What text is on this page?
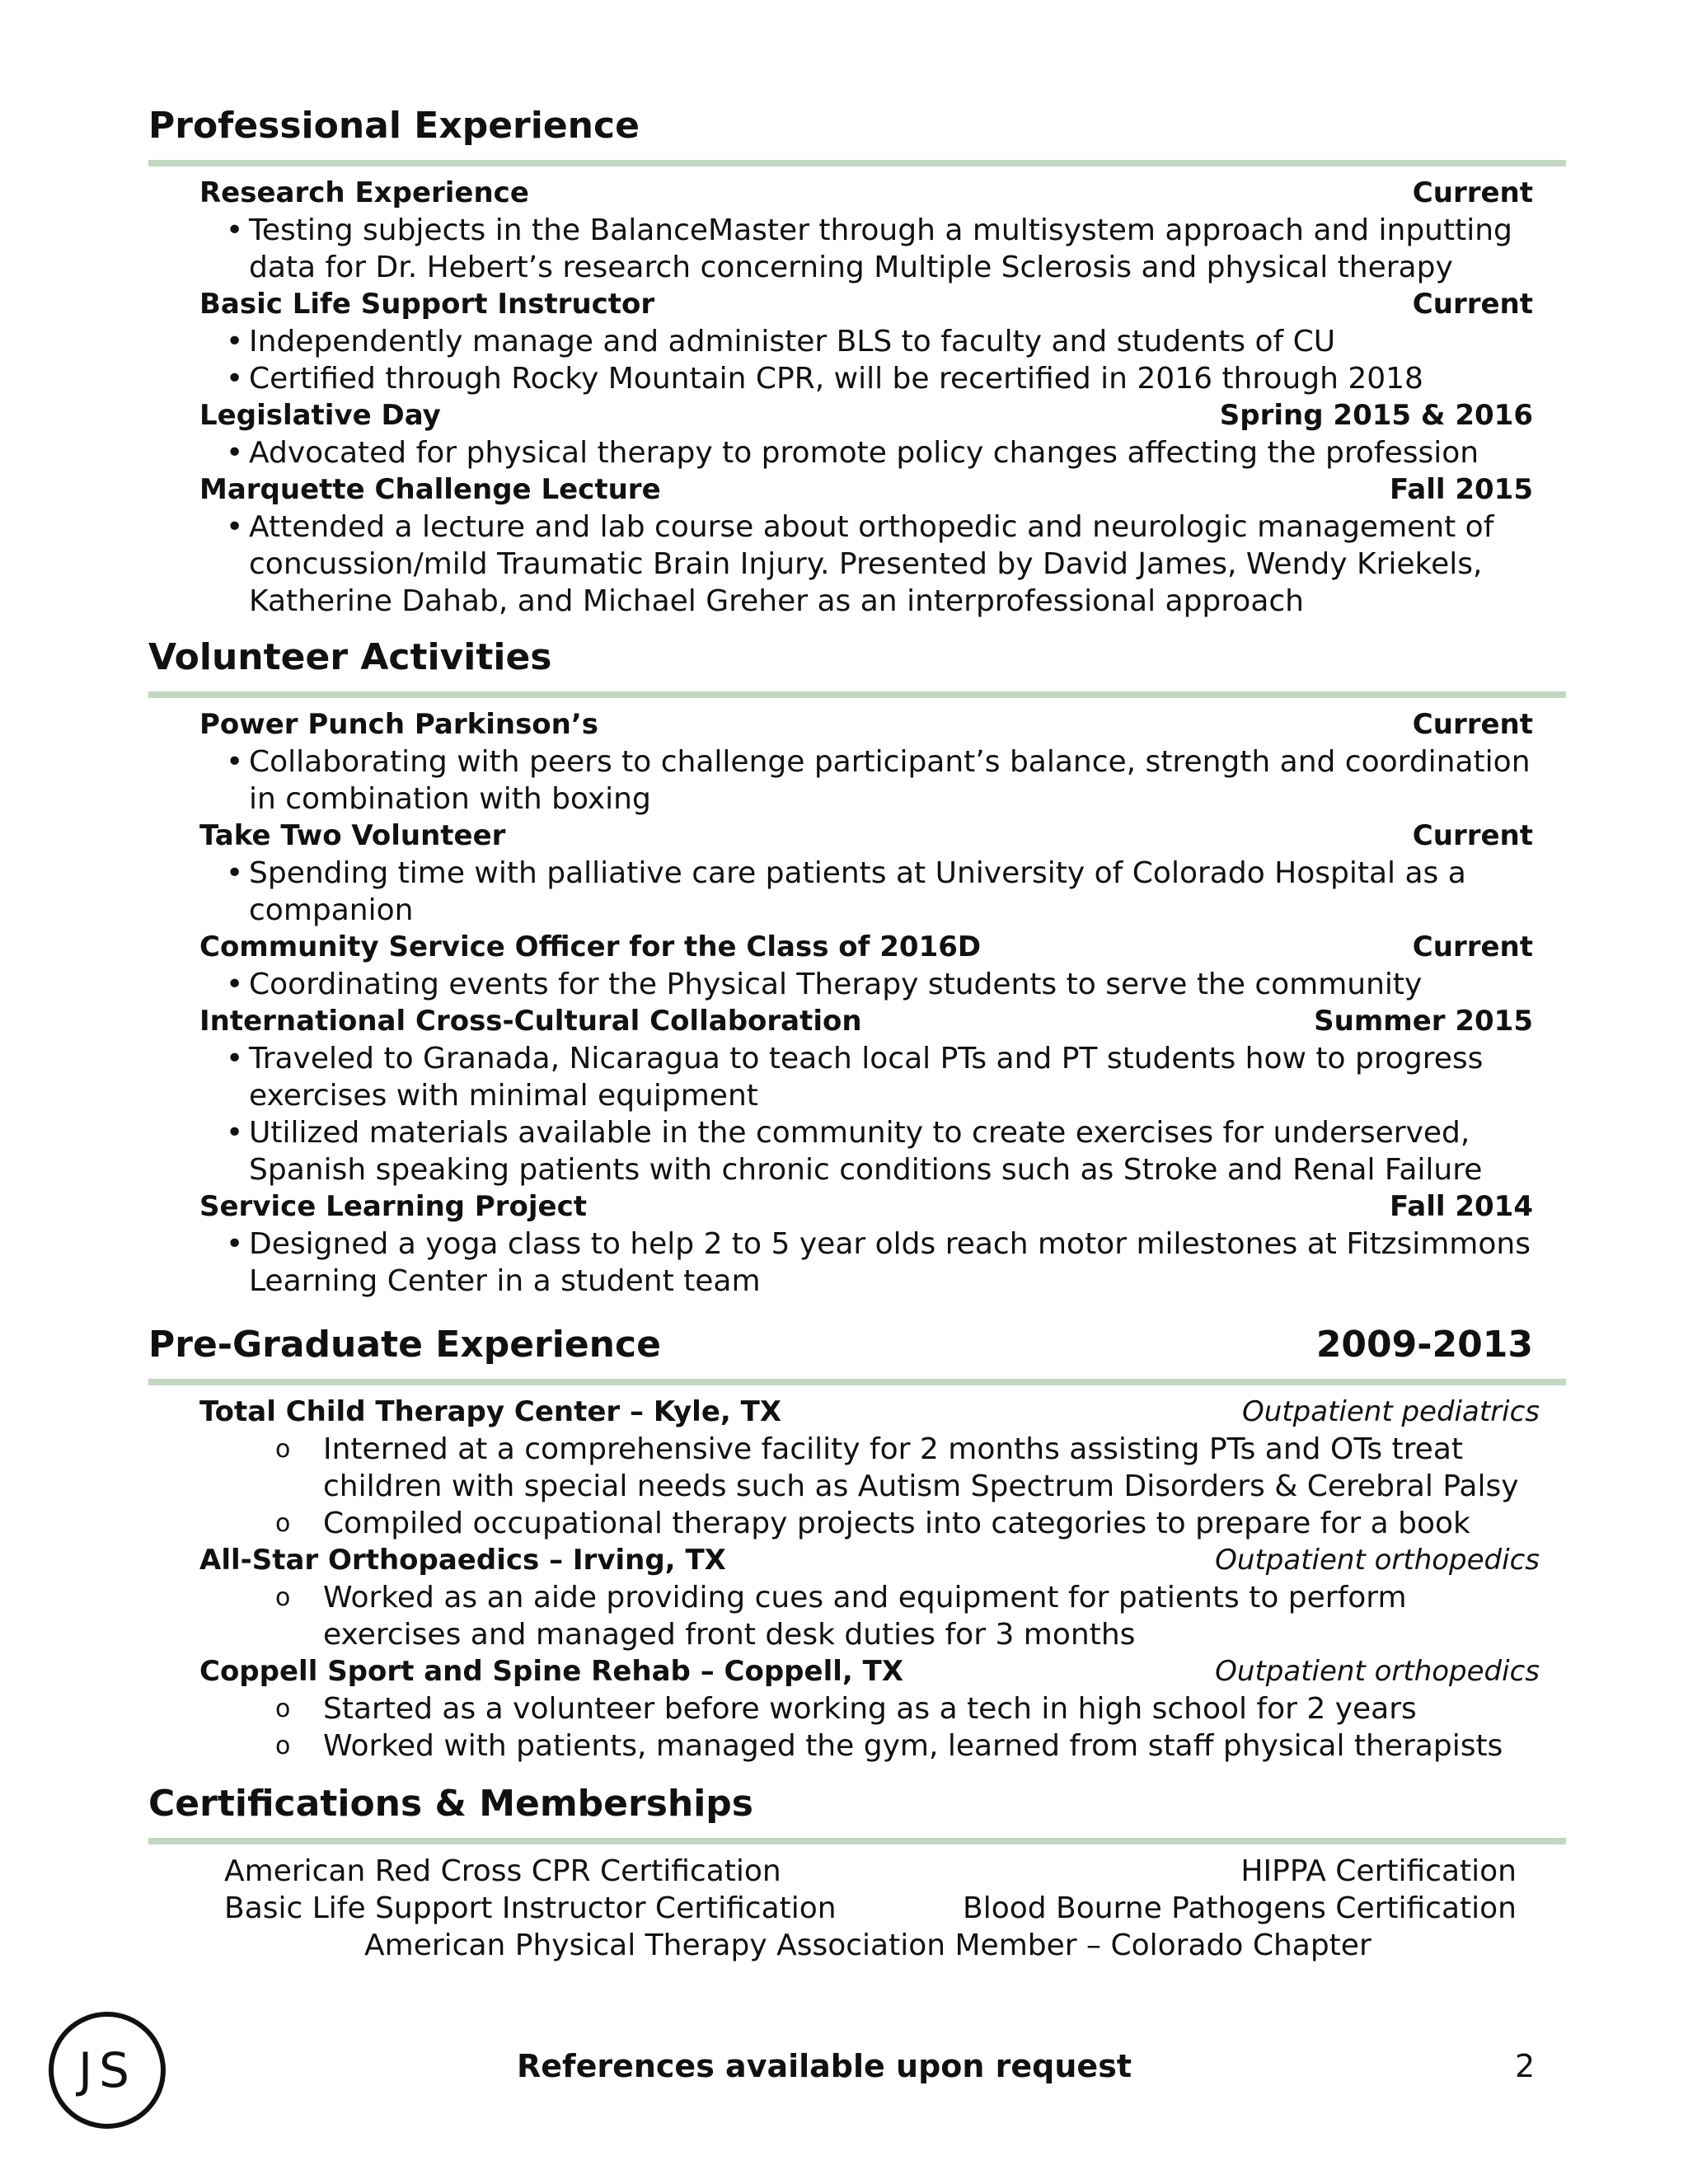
Professional Experience
Research Experience	Current
• Testing subjects in the BalanceMaster through a multisystem approach and inputting data for Dr. Hebert’s research concerning Multiple Sclerosis and physical therapy
Basic Life Support Instructor	Current
• Independently manage and administer BLS to faculty and students of CU
• Certified through Rocky Mountain CPR, will be recertified in 2016 through 2018
Legislative Day	Spring 2015 & 2016
• Advocated for physical therapy to promote policy changes affecting the profession
Marquette Challenge Lecture	Fall 2015
• Attended a lecture and lab course about orthopedic and neurologic management of concussion/mild Traumatic Brain Injury. Presented by David James, Wendy Kriekels, Katherine Dahab, and Michael Greher as an interprofessional approach
Volunteer Activities
Power Punch Parkinson’s	Current
• Collaborating with peers to challenge participant’s balance, strength and coordination in combination with boxing
Take Two Volunteer	Current
• Spending time with palliative care patients at University of Colorado Hospital as a companion
Community Service Officer for the Class of 2016D	Current
• Coordinating events for the Physical Therapy students to serve the community
International Cross-Cultural Collaboration	Summer 2015
• Traveled to Granada, Nicaragua to teach local PTs and PT students how to progress exercises with minimal equipment
• Utilized materials available in the community to create exercises for underserved, Spanish speaking patients with chronic conditions such as Stroke and Renal Failure
Service Learning Project	Fall 2014
• Designed a yoga class to help 2 to 5 year olds reach motor milestones at Fitzsimmons Learning Center in a student team
Pre-Graduate Experience	2009-2013
Total Child Therapy Center – Kyle, TX	Outpatient pediatrics
o Interned at a comprehensive facility for 2 months assisting PTs and OTs treat children with special needs such as Autism Spectrum Disorders & Cerebral Palsy
o Compiled occupational therapy projects into categories to prepare for a book
All-Star Orthopaedics – Irving, TX	Outpatient orthopedics
o Worked as an aide providing cues and equipment for patients to perform exercises and managed front desk duties for 3 months
Coppell Sport and Spine Rehab – Coppell, TX	Outpatient orthopedics
o Started as a volunteer before working as a tech in high school for 2 years
o Worked with patients, managed the gym, learned from staff physical therapists
Certifications & Memberships
American Red Cross CPR Certification	HIPPA Certification
Basic Life Support Instructor Certification	Blood Bourne Pathogens Certification
American Physical Therapy Association Member – Colorado Chapter
JS	References available upon request	2
